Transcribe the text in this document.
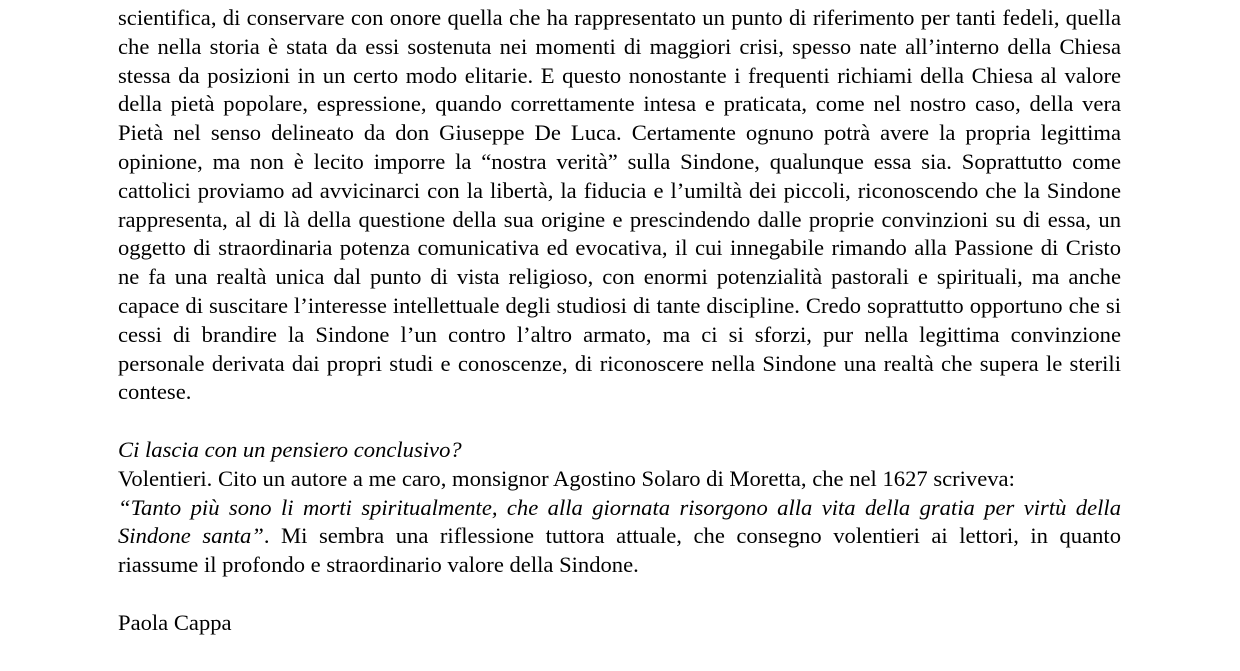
scientifica, di conservare con onore quella che ha rappresentato un punto di riferimento per tanti fedeli, quella che nella storia è stata da essi sostenuta nei momenti di maggiori crisi, spesso nate all’interno della Chiesa stessa da posizioni in un certo modo elitarie. E questo nonostante i frequenti richiami della Chiesa al valore della pietà popolare, espressione, quando correttamente intesa e praticata, come nel nostro caso, della vera Pietà nel senso delineato da don Giuseppe De Luca. Certamente ognuno potrà avere la propria legittima opinione, ma non è lecito imporre la “nostra verità” sulla Sindone, qualunque essa sia. Soprattutto come cattolici proviamo ad avvicinarci con la libertà, la fiducia e l’umiltà dei piccoli, riconoscendo che la Sindone rappresenta, al di là della questione della sua origine e prescindendo dalle proprie convinzioni su di essa, un oggetto di straordinaria potenza comunicativa ed evocativa, il cui innegabile rimando alla Passione di Cristo ne fa una realtà unica dal punto di vista religioso, con enormi potenzialità pastorali e spirituali, ma anche capace di suscitare l’interesse intellettuale degli studiosi di tante discipline. Credo soprattutto opportuno che si cessi di brandire la Sindone l’un contro l’altro armato, ma ci si sforzi, pur nella legittima convinzione personale derivata dai propri studi e conoscenze, di riconoscere nella Sindone una realtà che supera le sterili contese.

Ci lascia con un pensiero conclusivo?

Volentieri. Cito un autore a me caro, monsignor Agostino Solaro di Moretta, che nel 1627 scriveva:
“Tanto più sono li morti spiritualmente, che alla giornata risorgono alla vita della gratia per virtù della Sindone santa”. Mi sembra una riflessione tuttora attuale, che consegno volentieri ai lettori, in quanto riassume il profondo e straordinario valore della Sindone.

Paola Cappa
